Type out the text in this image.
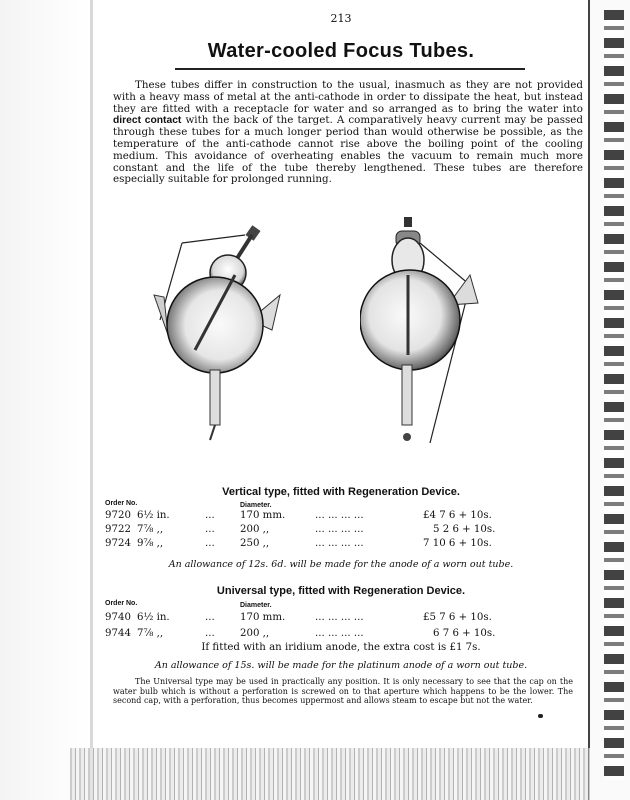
213
Water-cooled Focus Tubes.

These tubes differ in construction to the usual, inasmuch as they are not provided with a heavy mass of metal at the anti-cathode in order to dissipate the heat, but instead they are fitted with a receptacle for water and so arranged as to bring the water into direct contact with the back of the target. A comparatively heavy current may be passed through these tubes for a much longer period than would otherwise be possible, as the temperature of the anti-cathode cannot rise above the boiling point of the cooling medium. This avoidance of overheating enables the vacuum to remain much more constant and the life of the tube thereby lengthened. These tubes are therefore especially suitable for prolonged running.

Vertical type, fitted with Regeneration Device.
Order No.	Diameter.
9720 6½ in.	... 170 mm.	... ... ... ...	£4 7 6 + 10s.
9722 7⅞ ,,	... 200 ,,	... ... ... ...	5 2 6 + 10s.
9724 9⅞ ,,	... 250 ,,	... ... ... ...	7 10 6 + 10s.
An allowance of 12s. 6d. will be made for the anode of a worn out tube.
Universal type, fitted with Regeneration Device.
Order No.	Diameter.
9740 6½ in.	... 170 mm.	... ... ... ...	£5 7 6 + 10s.
9744 7⅞ ,,	... 200 ,,	... ... ... ...	6 7 6 + 10s.
If fitted with an iridium anode, the extra cost is £1 7s.
An allowance of 15s. will be made for the platinum anode of a worn out tube.

The Universal type may be used in practically any position. It is only necessary to see that the cap on the water bulb which is without a perforation is screwed on to that aperture which happens to be the lower. The second cap, with a perforation, thus becomes uppermost and allows steam to escape but not the water.
